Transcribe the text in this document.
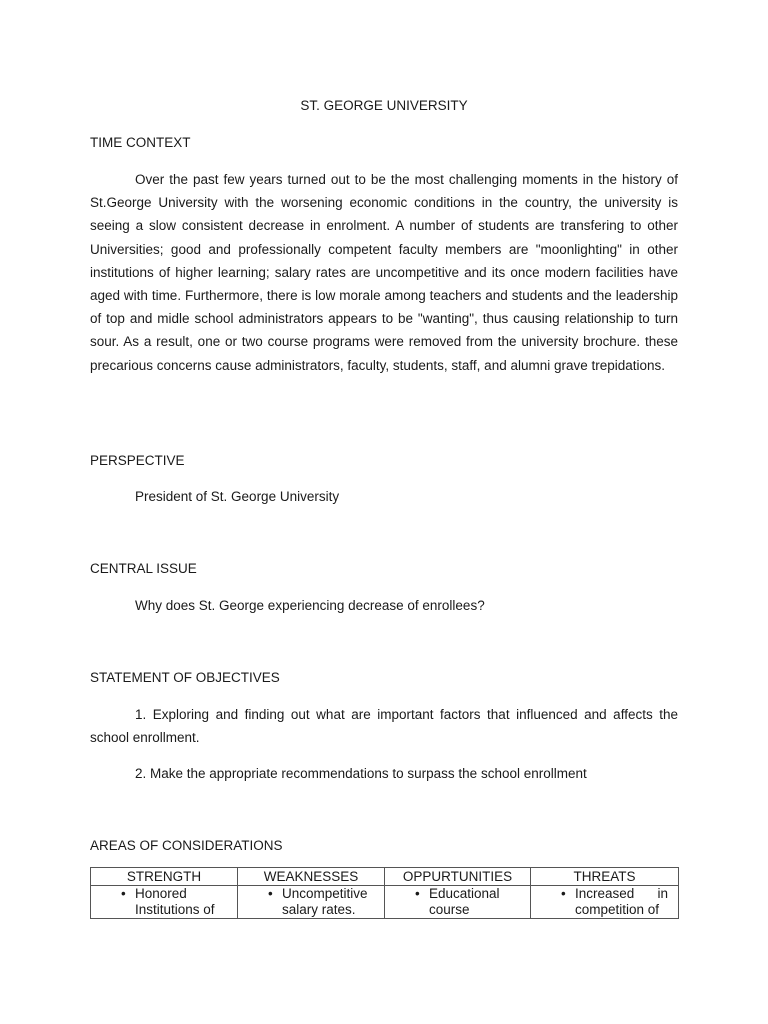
ST. GEORGE UNIVERSITY

TIME CONTEXT

Over the past few years turned out to be the most challenging moments in the history of St.George University with the worsening economic conditions in the country, the university is seeing a slow consistent decrease in enrolment. A number of students are transfering to other Universities; good and professionally competent faculty members are "moonlighting" in other institutions of higher learning; salary rates are uncompetitive and its once modern facilities have aged with time. Furthermore, there is low morale among teachers and students and the leadership of top and midle school administrators appears to be "wanting", thus causing relationship to turn sour. As a result, one or two course programs were removed from the university brochure. these precarious concerns cause administrators, faculty, students, staff, and alumni grave trepidations.

PERSPECTIVE

President of St. George University

CENTRAL ISSUE

Why does St. George experiencing decrease of enrollees?

STATEMENT OF OBJECTIVES

1. Exploring and finding out what are important factors that influenced and affects the school enrollment.

2. Make the appropriate recommendations to surpass the school enrollment

AREAS OF CONSIDERATIONS

STRENGTH	WEAKNESSES	OPPURTUNITIES	THREATS

• Honored Institutions of	• Uncompetitive salary rates.	• Educational course	• Increased in competition of
